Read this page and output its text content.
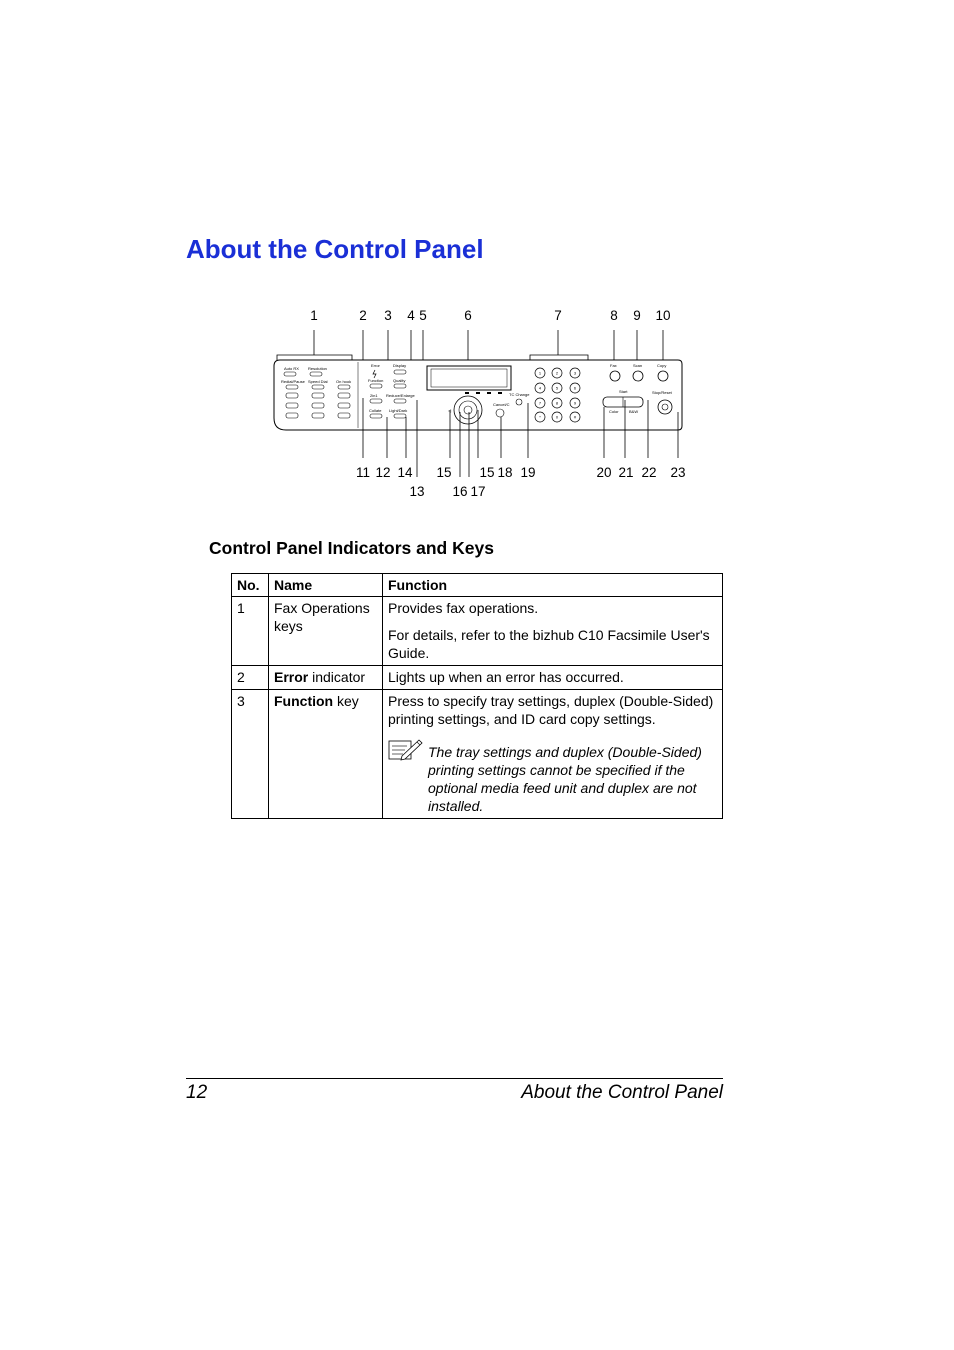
About the Control Panel
1	2 3 4 5	6	7	8 9 10
Auto RX Resolution
Redial/Pause Speed Dial On hook
Error	Display
Function Quality
2in1 Reduce/Enlarge
Collate Light/Dark	◁
Cancel/C
TC Change
1	2	3
4	5	6
7	8	9
*	0	#
Fax	Scan	Copy
Start	Stop/Reset
Color	B&W
11 12 14 15 15 18 19	20 21 22 23
13 16 17
Control Panel Indicators and Keys
No.	Name	Function
1	Fax Operations keys	Provides fax operations.

For details, refer to the bizhub C10 Facsimile User's Guide.

2	Error indicator	Lights up when an error has occurred.

3	Function key	Press to specify tray settings, duplex (Double-Sided) printing settings, and ID card copy settings.

The tray settings and duplex (Double-Sided) printing settings cannot be specified if the optional media feed unit and duplex are not installed.
12	About the Control Panel
